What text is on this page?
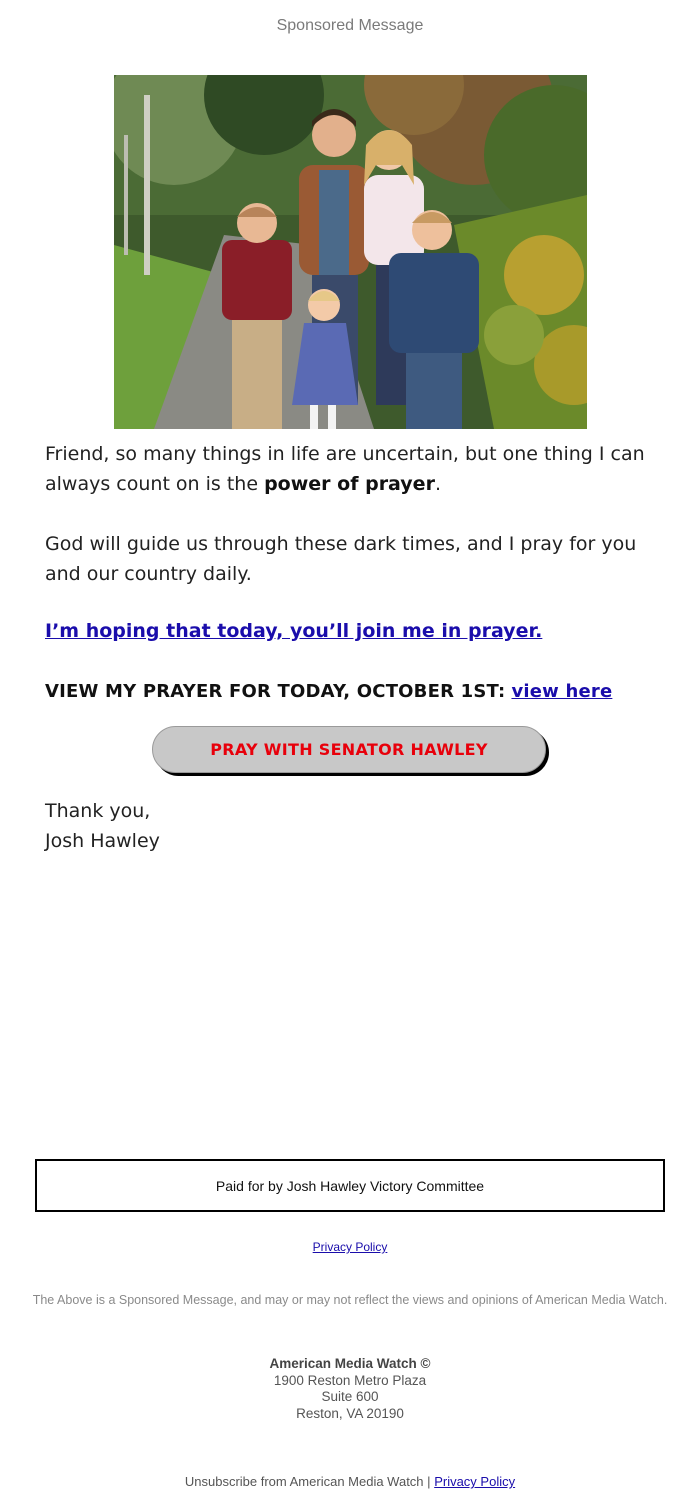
Sponsored Message
Friend, so many things in life are uncertain, but one thing I can always count on is the power of prayer.
God will guide us through these dark times, and I pray for you and our country daily.
I’m hoping that today, you’ll join me in prayer.
VIEW MY PRAYER FOR TODAY, OCTOBER 1ST: view here
PRAY WITH SENATOR HAWLEY
Thank you,
Josh Hawley
Paid for by Josh Hawley Victory Committee
Privacy Policy
The Above is a Sponsored Message, and may or may not reflect the views and opinions of American Media Watch.
American Media Watch ©
1900 Reston Metro Plaza
Suite 600
Reston, VA 20190
Unsubscribe from American Media Watch | Privacy Policy
